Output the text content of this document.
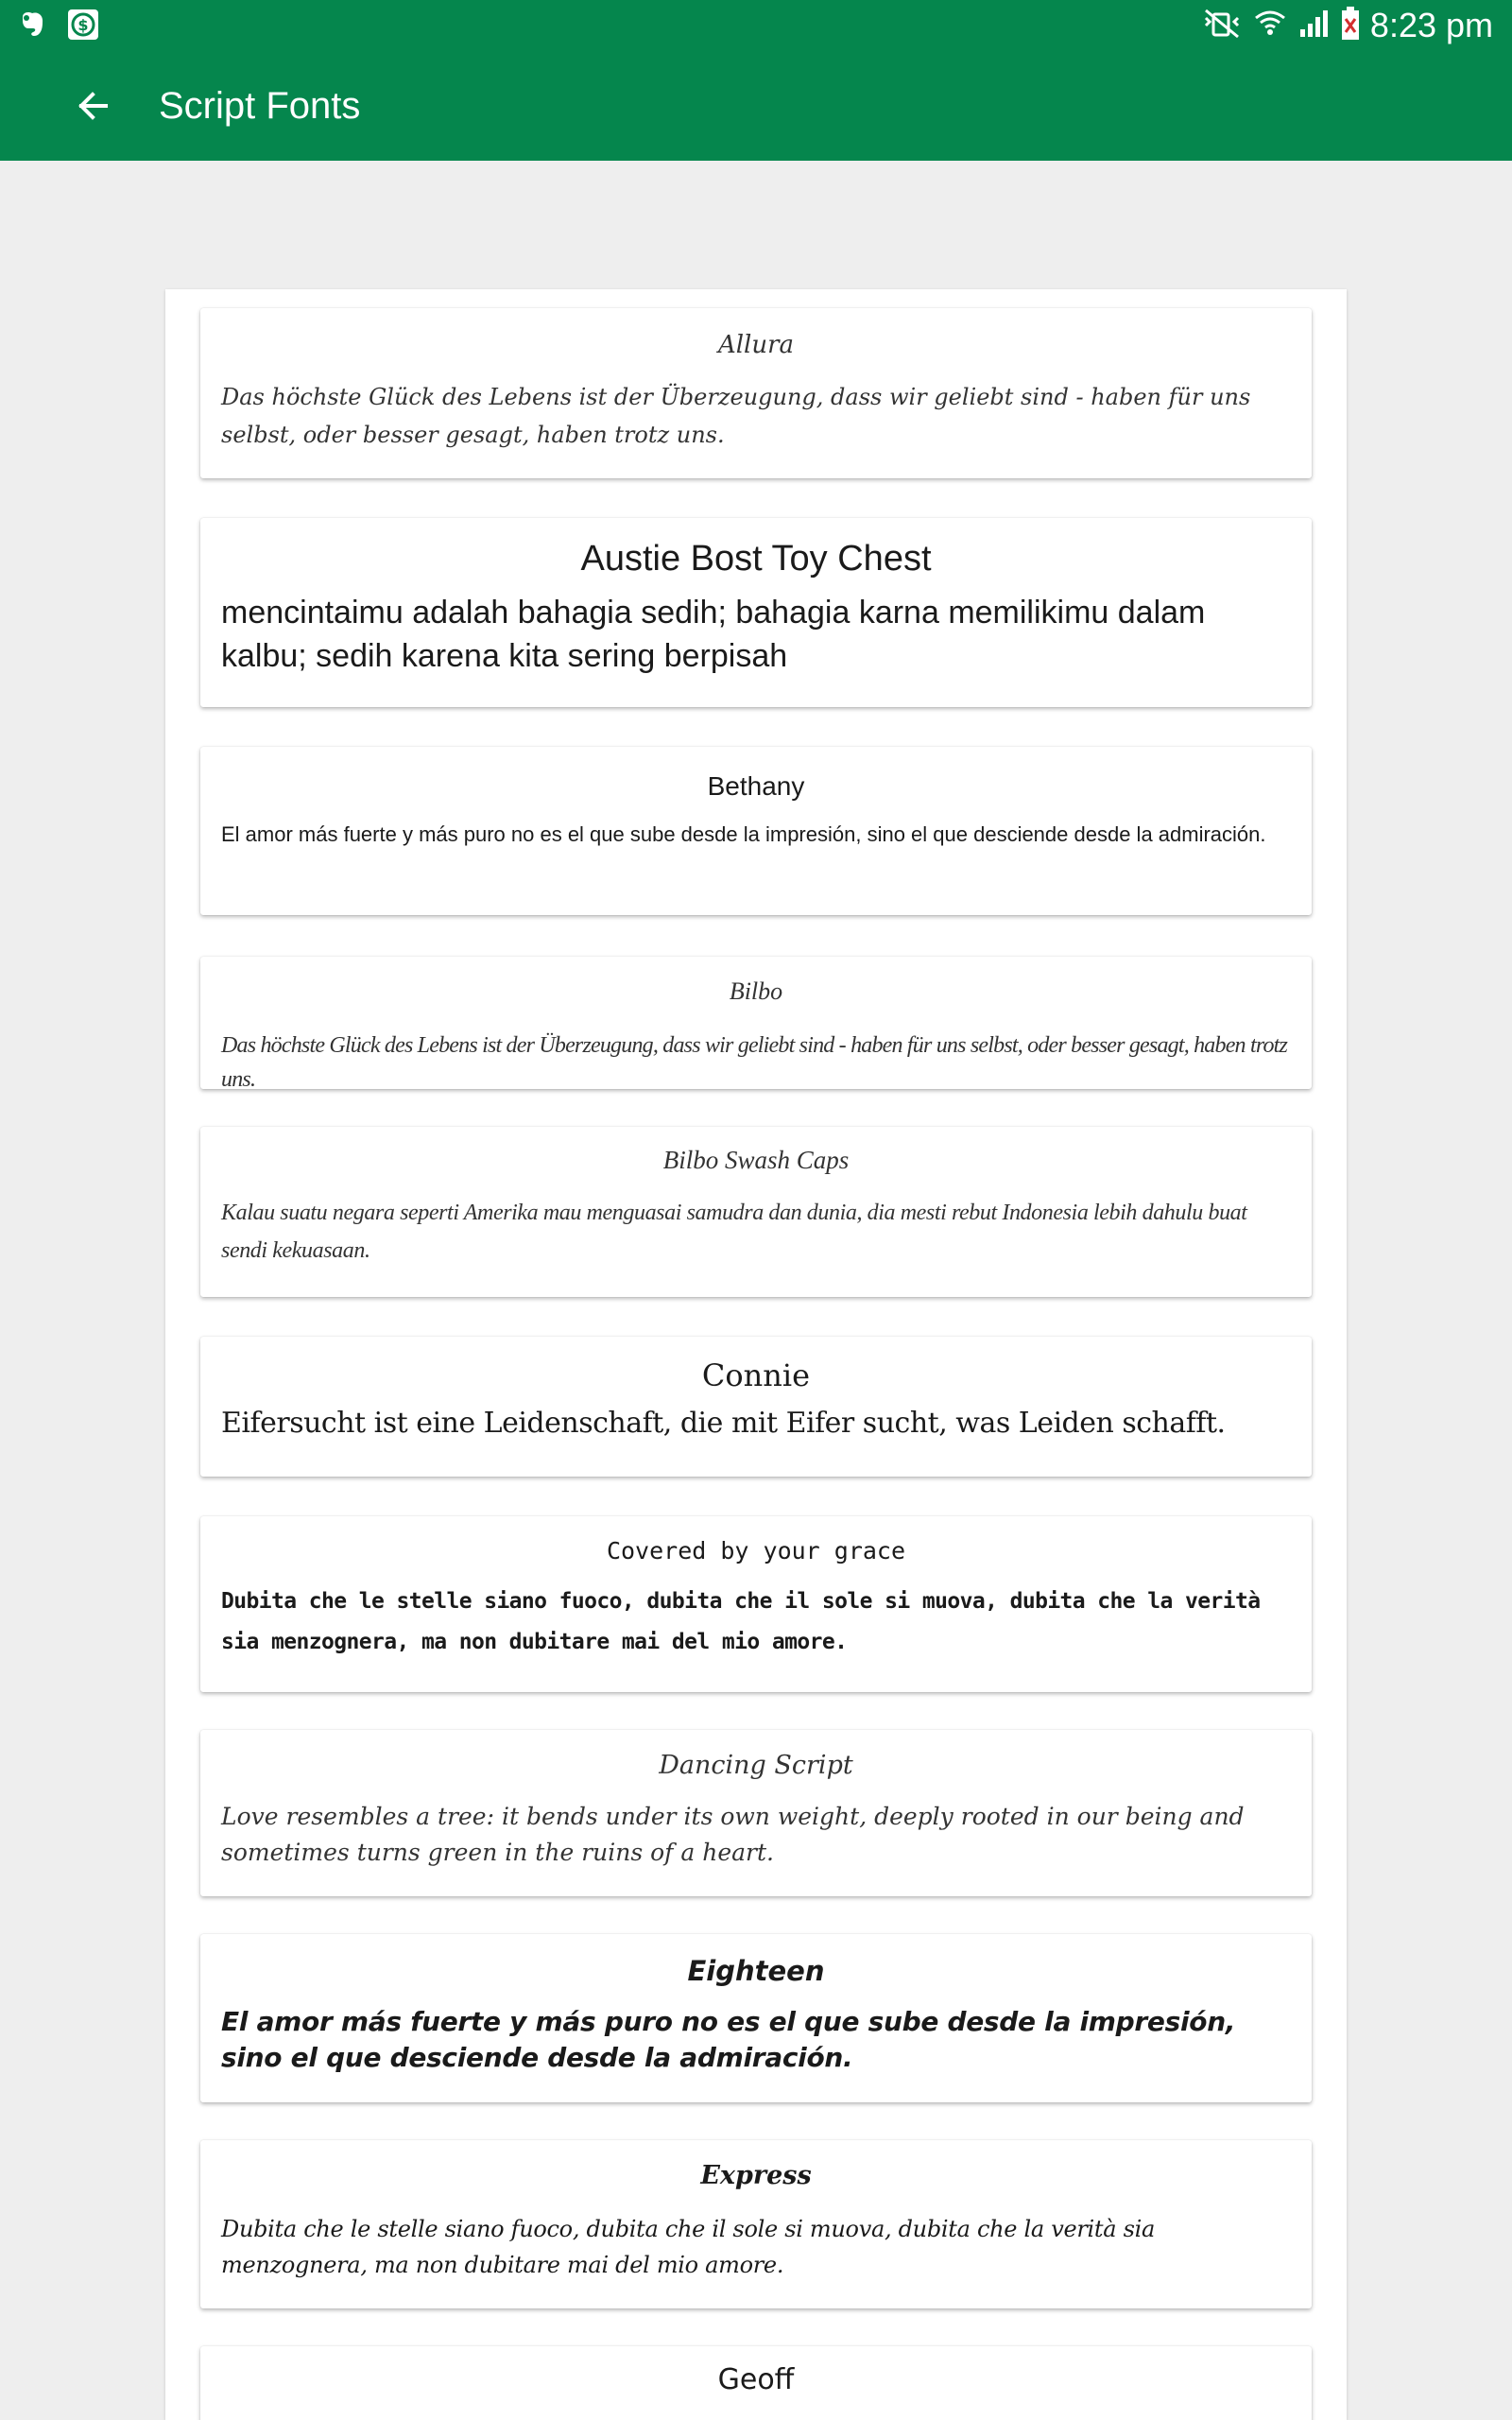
$	8:23 pm
Script Fonts

Allura

Das höchste Glück des Lebens ist der Überzeugung, dass wir geliebt sind - haben für uns selbst, oder besser gesagt, haben trotz uns.

Austie Bost Toy Chest

mencintaimu adalah bahagia sedih; bahagia karna memilikimu dalam kalbu; sedih karena kita sering berpisah

Bethany

El amor más fuerte y más puro no es el que sube desde la impresión, sino el que desciende desde la admiración.

Bilbo

Das höchste Glück des Lebens ist der Überzeugung, dass wir geliebt sind - haben für uns selbst, oder besser gesagt, haben trotz uns.

Bilbo Swash Caps

Kalau suatu negara seperti Amerika mau menguasai samudra dan dunia, dia mesti rebut Indonesia lebih dahulu buat sendi kekuasaan.

Connie

Eifersucht ist eine Leidenschaft, die mit Eifer sucht, was Leiden schafft.

Covered by your grace

Dubita che le stelle siano fuoco, dubita che il sole si muova, dubita che la verità sia menzognera, ma non dubitare mai del mio amore.

Dancing Script

Love resembles a tree: it bends under its own weight, deeply rooted in our being and sometimes turns green in the ruins of a heart.

Eighteen

El amor más fuerte y más puro no es el que sube desde la impresión, sino el que desciende desde la admiración.

Express

Dubita che le stelle siano fuoco, dubita che il sole si muova, dubita che la verità sia menzognera, ma non dubitare mai del mio amore.

Geoff
